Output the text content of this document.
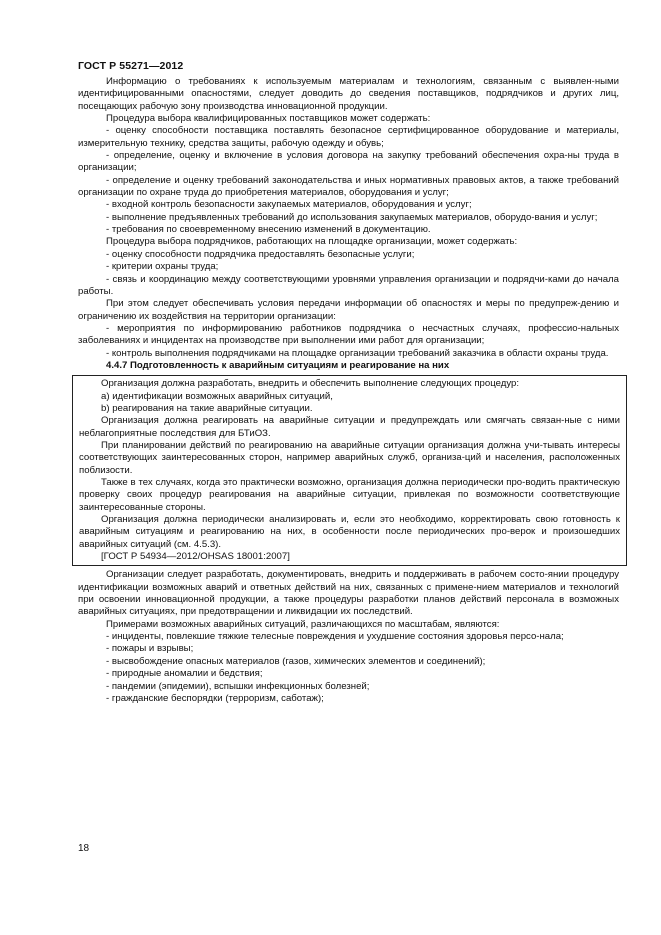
ГОСТ Р 55271—2012

Информацию о требованиях к используемым материалам и технологиям, связанным с выявлен-ными идентифицированными опасностями, следует доводить до сведения поставщиков, подрядчиков и других лиц, посещающих рабочую зону производства инновационной продукции.

Процедура выбора квалифицированных поставщиков может содержать:

- оценку способности поставщика поставлять безопасное сертифицированное оборудование и материалы, измерительную технику, средства защиты, рабочую одежду и обувь;

- определение, оценку и включение в условия договора на закупку требований обеспечения охра-ны труда в организации;

- определение и оценку требований законодательства и иных нормативных правовых актов, а также требований организации по охране труда до приобретения материалов, оборудования и услуг;

- входной контроль безопасности закупаемых материалов, оборудования и услуг;

- выполнение предъявленных требований до использования закупаемых материалов, оборудо-вания и услуг;

- требования по своевременному внесению изменений в документацию.

Процедура выбора подрядчиков, работающих на площадке организации, может содержать:

- оценку способности подрядчика предоставлять безопасные услуги;

- критерии охраны труда;

- связь и координацию между соответствующими уровнями управления организации и подрядчи-ками до начала работы.

При этом следует обеспечивать условия передачи информации об опасностях и меры по предупреж-дению и ограничению их воздействия на территории организации:

- мероприятия по информированию работников подрядчика о несчастных случаях, профессио-нальных заболеваниях и инцидентах на производстве при выполнении ими работ для организации;

- контроль выполнения подрядчиками на площадке организации требований заказчика в области охраны труда.

4.4.7 Подготовленность к аварийным ситуациям и реагирование на них

Организация должна разработать, внедрить и обеспечить выполнение следующих процедур:

a) идентификации возможных аварийных ситуаций,

b) реагирования на такие аварийные ситуации.

Организация должна реагировать на аварийные ситуации и предупреждать или смягчать связан-ные с ними неблагоприятные последствия для БТиОЗ.

При планировании действий по реагированию на аварийные ситуации организация должна учи-тывать интересы соответствующих заинтересованных сторон, например аварийных служб, организа-ций и населения, расположенных поблизости.

Также в тех случаях, когда это практически возможно, организация должна периодически про-водить практическую проверку своих процедур реагирования на аварийные ситуации, привлекая по возможности соответствующие заинтересованные стороны.

Организация должна периодически анализировать и, если это необходимо, корректировать свою готовность к аварийным ситуациям и реагированию на них, в особенности после периодических про-верок и произошедших аварийных ситуаций (см. 4.5.3).

[ГОСТ Р 54934—2012/OHSAS 18001:2007]

Организации следует разработать, документировать, внедрить и поддерживать в рабочем состо-янии процедуру идентификации возможных аварий и ответных действий на них, связанных с примене-нием материалов и технологий при освоении инновационной продукции, а также процедуры разработки планов действий персонала в возможных аварийных ситуациях, при предотвращении и ликвидации их последствий.

Примерами возможных аварийных ситуаций, различающихся по масштабам, являются:

- инциденты, повлекшие тяжкие телесные повреждения и ухудшение состояния здоровья персо-нала;

- пожары и взрывы;

- высвобождение опасных материалов (газов, химических элементов и соединений);

- природные аномалии и бедствия;

- пандемии (эпидемии), вспышки инфекционных болезней;

- гражданские беспорядки (терроризм, саботаж);

18
